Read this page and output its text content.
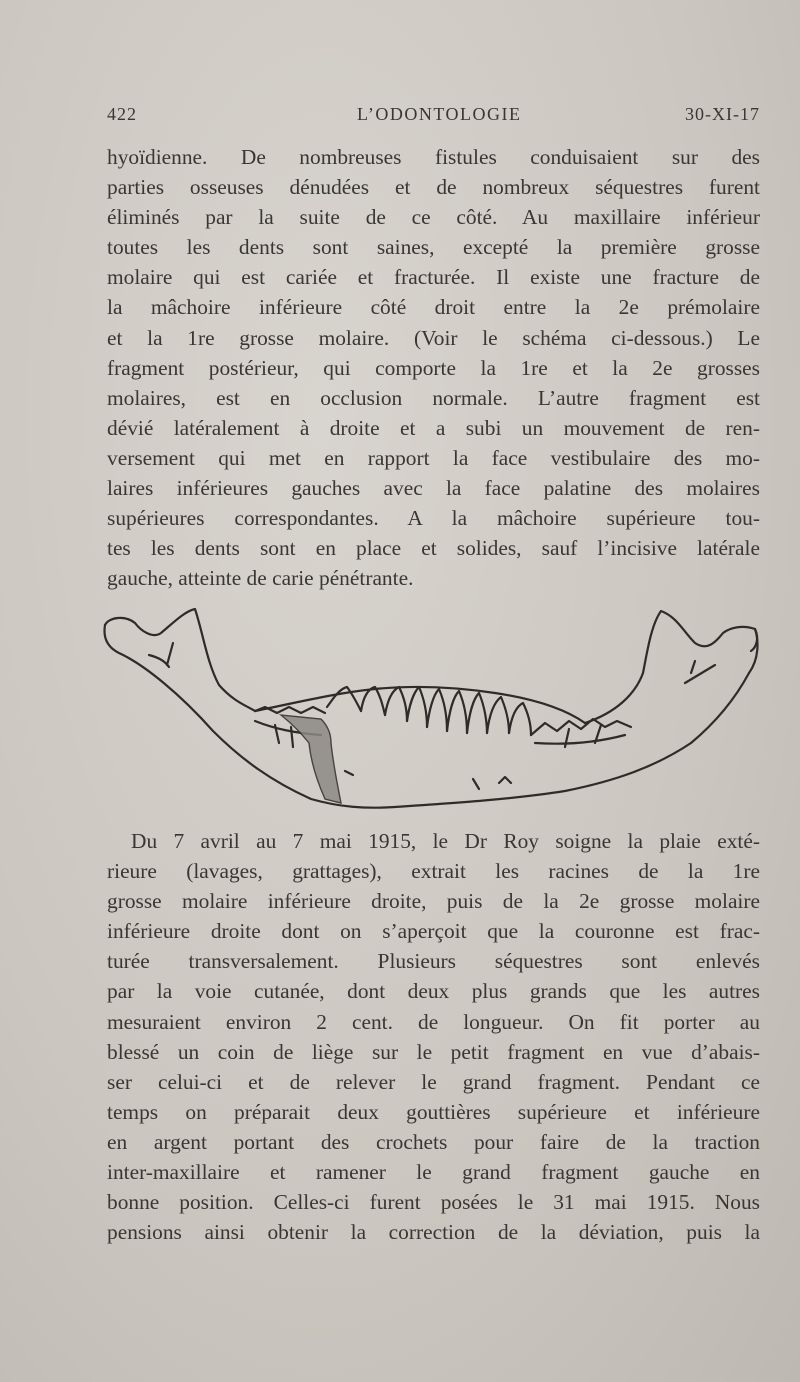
422	L’ODONTOLOGIE	30-XI-17
hyoïdienne. De nombreuses fistules conduisaient sur des
parties osseuses dénudées et de nombreux séquestres furent
éliminés par la suite de ce côté. Au maxillaire inférieur
toutes les dents sont saines, excepté la première grosse
molaire qui est cariée et fracturée. Il existe une fracture de
la mâchoire inférieure côté droit entre la 2e prémolaire
et la 1re grosse molaire. (Voir le schéma ci-dessous.) Le
fragment postérieur, qui comporte la 1re et la 2e grosses
molaires, est en occlusion normale. L’autre fragment est
dévié latéralement à droite et a subi un mouvement de ren-
versement qui met en rapport la face vestibulaire des mo-
laires inférieures gauches avec la face palatine des molaires
supérieures correspondantes. A la mâchoire supérieure tou-
tes les dents sont en place et solides, sauf l’incisive latérale
gauche, atteinte de carie pénétrante.
Du 7 avril au 7 mai 1915, le Dr Roy soigne la plaie exté-
rieure (lavages, grattages), extrait les racines de la 1re
grosse molaire inférieure droite, puis de la 2e grosse molaire
inférieure droite dont on s’aperçoit que la couronne est frac-
turée transversalement. Plusieurs séquestres sont enlevés
par la voie cutanée, dont deux plus grands que les autres
mesuraient environ 2 cent. de longueur. On fit porter au
blessé un coin de liège sur le petit fragment en vue d’abais-
ser celui-ci et de relever le grand fragment. Pendant ce
temps on préparait deux gouttières supérieure et inférieure
en argent portant des crochets pour faire de la traction
inter-maxillaire et ramener le grand fragment gauche en
bonne position. Celles-ci furent posées le 31 mai 1915. Nous
pensions ainsi obtenir la correction de la déviation, puis la
